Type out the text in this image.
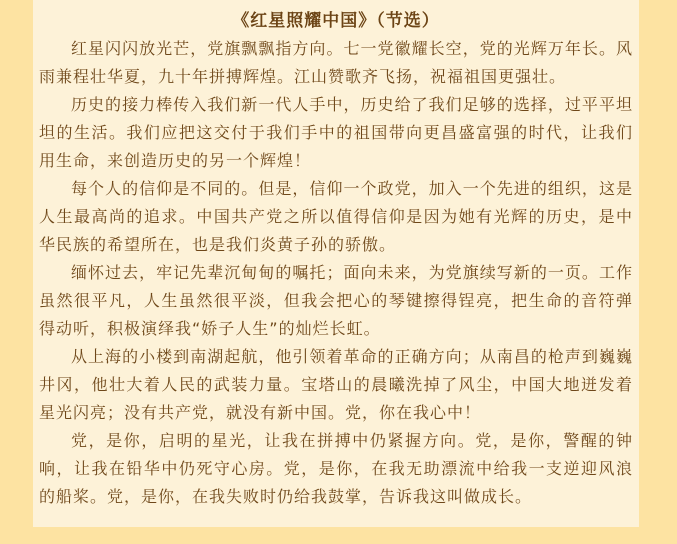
《红星照耀中国》（节选）

红星闪闪放光芒，党旗飘飘指方向。七一党徽耀长空，党的光辉万年长。风雨兼程壮华夏，九十年拼搏辉煌。江山赞歌齐飞扬，祝福祖国更强壮。

历史的接力棒传入我们新一代人手中，历史给了我们足够的选择，过平平坦坦的生活。我们应把这交付于我们手中的祖国带向更昌盛富强的时代，让我们用生命，来创造历史的另一个辉煌！

每个人的信仰是不同的。但是，信仰一个政党，加入一个先进的组织，这是人生最高尚的追求。中国共产党之所以值得信仰是因为她有光辉的历史，是中华民族的希望所在，也是我们炎黄子孙的骄傲。

缅怀过去，牢记先辈沉甸甸的嘱托；面向未来，为党旗续写新的一页。工作虽然很平凡，人生虽然很平淡，但我会把心的琴键擦得锃亮，把生命的音符弹得动听，积极演绎我“娇子人生”的灿烂长虹。

从上海的小楼到南湖起航，他引领着革命的正确方向；从南昌的枪声到巍巍井冈，他壮大着人民的武装力量。宝塔山的晨曦洗掉了风尘，中国大地迸发着星光闪亮；没有共产党，就没有新中国。党，你在我心中！

党，是你，启明的星光，让我在拼搏中仍紧握方向。党，是你，警醒的钟响，让我在铅华中仍死守心房。党，是你，在我无助漂流中给我一支逆迎风浪的船桨。党，是你，在我失败时仍给我鼓掌，告诉我这叫做成长。
